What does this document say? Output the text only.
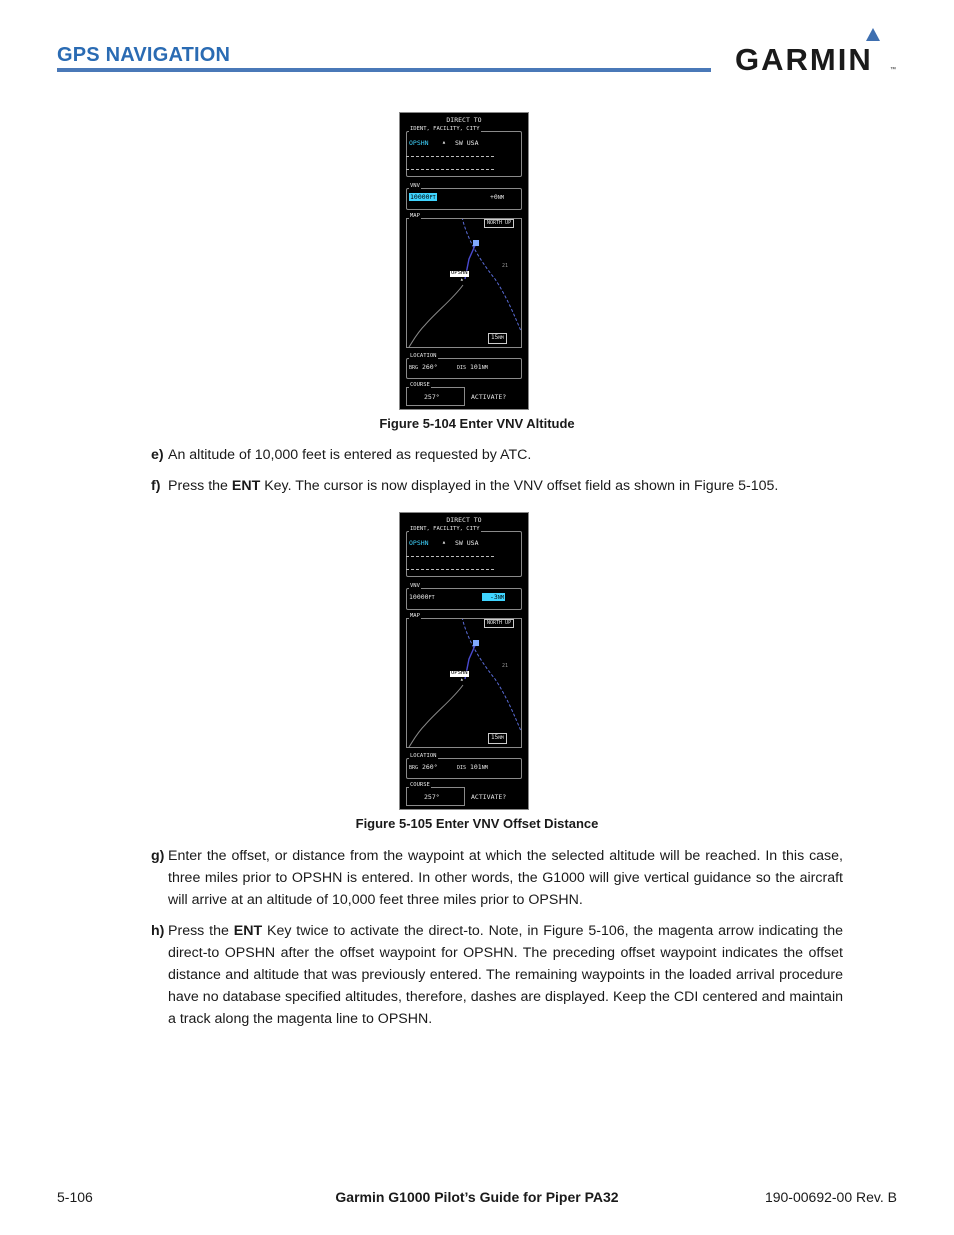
GPS NAVIGATION	GARMIN	™
DIRECT TO
IDENT, FACILITY, CITY
OPSHN ▴ SW USA
VNV
10000FT	+0NM
21
MAP
NORTH UP
OPSHN
▴
15NM
LOCATION
BRG 260°	DIS 101NM
COURSE
257°	ACTIVATE?
Figure 5-104 Enter VNV Altitude
e) An altitude of 10,000 feet is entered as requested by ATC.
f) Press the ENT Key. The cursor is now displayed in the VNV offset field as shown in Figure 5-105.
DIRECT TO
IDENT, FACILITY, CITY
OPSHN ▴ SW USA
VNV
10000FT	-3NM
21
MAP
NORTH UP
OPSHN
▴
15NM
LOCATION
BRG 260°	DIS 101NM
COURSE
257°	ACTIVATE?
Figure 5-105 Enter VNV Offset Distance
g) Enter the offset, or distance from the waypoint at which the selected altitude will be reached. In this case, three miles prior to OPSHN is entered. In other words, the G1000 will give vertical guidance so the aircraft will arrive at an altitude of 10,000 feet three miles prior to OPSHN.
h) Press the ENT Key twice to activate the direct-to. Note, in Figure 5-106, the magenta arrow indicating the direct-to OPSHN after the offset waypoint for OPSHN. The preceding offset waypoint indicates the offset distance and altitude that was previously entered. The remaining waypoints in the loaded arrival procedure have no database specified altitudes, therefore, dashes are displayed. Keep the CDI centered and maintain a track along the magenta line to OPSHN.
5-106	Garmin G1000 Pilot’s Guide for Piper PA32	190-00692-00 Rev. B
